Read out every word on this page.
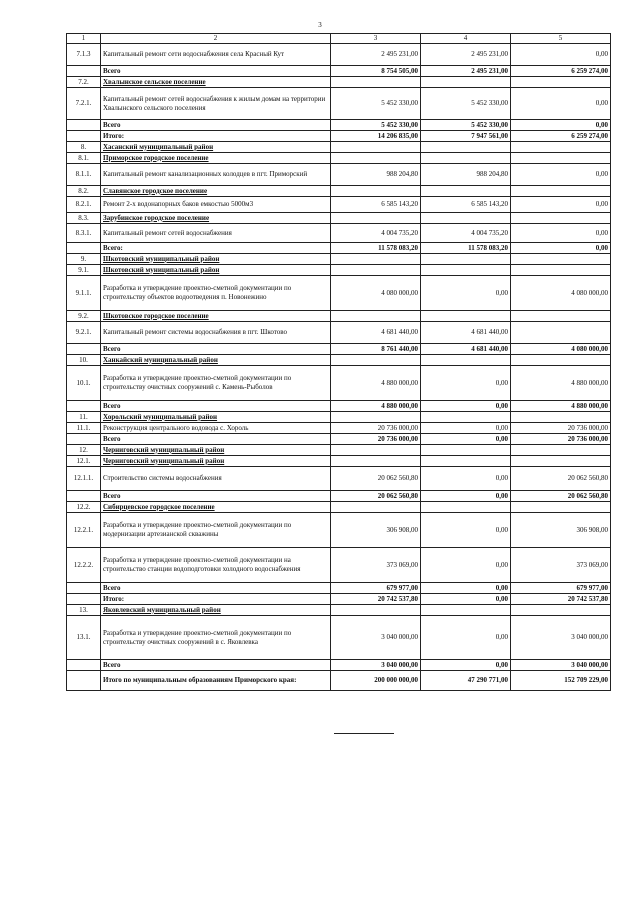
3
1	2	3	4	5
7.1.3	Капитальный ремонт сети водоснабжения села Красный Кут	2 495 231,00	2 495 231,00	0,00
	Всего	8 754 505,00	2 495 231,00	6 259 274,00
7.2.	Хвалынское сельское поселение			
7.2.1.	Капитальный ремонт сетей водоснабжения к жилым домам на территории Хвалынского сельского поселения	5 452 330,00	5 452 330,00	0,00
	Всего	5 452 330,00	5 452 330,00	0,00
	Итого:	14 206 835,00	7 947 561,00	6 259 274,00
8.	Хасанский муниципальный район			
8.1.	Приморское городское поселение			
8.1.1.	Капитальный ремонт канализационных колодцев в пгт. Приморский	988 204,80	988 204,80	0,00
8.2.	Славянское городское поселение			
8.2.1.	Ремонт 2-х водонапорных баков емкостью 5000м3	6 585 143,20	6 585 143,20	0,00
8.3.	Зарубинское городское поселение			
8.3.1.	Капитальный ремонт сетей водоснабжения	4 004 735,20	4 004 735,20	0,00
	Всего:	11 578 083,20	11 578 083,20	0,00
9.	Шкотовский муниципальный район			
9.1.	Шкотовский муниципальный район			
9.1.1.	Разработка и утверждение проектно-сметной документации по строительству объектов водоотведения п. Новонежино	4 080 000,00	0,00	4 080 000,00
9.2.	Шкотовское городское поселение			
9.2.1.	Капитальный ремонт системы водоснабжения в пгт. Шкотово	4 681 440,00	4 681 440,00	
	Всего	8 761 440,00	4 681 440,00	4 080 000,00
10.	Ханкайский муниципальный район			
10.1.	Разработка и утверждение проектно-сметной документации по строительству очистных сооружений с. Камень-Рыболов	4 880 000,00	0,00	4 880 000,00
	Всего	4 880 000,00	0,00	4 880 000,00
11.	Хорольский муниципальный район			
11.1.	Реконструкция центрального водовода с. Хороль	20 736 000,00	0,00	20 736 000,00
	Всего	20 736 000,00	0,00	20 736 000,00
12.	Черниговский муниципальный район			
12.1.	Черниговский муниципальный район			
12.1.1.	Строительство системы водоснабжения	20 062 560,80	0,00	20 062 560,80
	Всего	20 062 560,80	0,00	20 062 560,80
12.2.	Сибирцевское городское поселение			
12.2.1.	Разработка и утверждение проектно-сметной документации по модернизации артезианской скважины	306 908,00	0,00	306 908,00
12.2.2.	Разработка и утверждение проектно-сметной документации на строительство станции водоподготовки холодного водоснабжения	373 069,00	0,00	373 069,00
	Всего	679 977,00	0,00	679 977,00
	Итого:	20 742 537,80	0,00	20 742 537,80
13.	Яковлевский муниципальный район			
13.1.	Разработка и утверждение проектно-сметной документации по строительству очистных сооружений в с. Яковлевка	3 040 000,00	0,00	3 040 000,00
	Всего	3 040 000,00	0,00	3 040 000,00
	Итого по муниципальным образованиям Приморского края:	200 000 000,00	47 290 771,00	152 709 229,00
